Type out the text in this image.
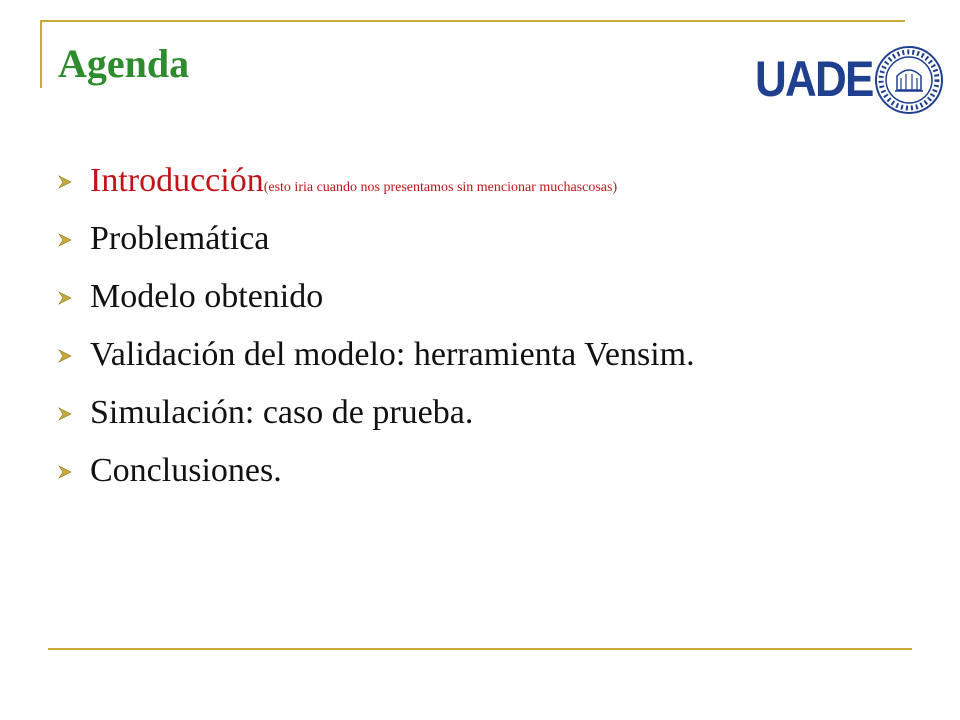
Agenda	UADE
Introducción (esto iria cuando nos presentamos sin mencionar muchascosas)
Problemática
Modelo obtenido
Validación del modelo: herramienta Vensim.
Simulación: caso de prueba.
Conclusiones.
